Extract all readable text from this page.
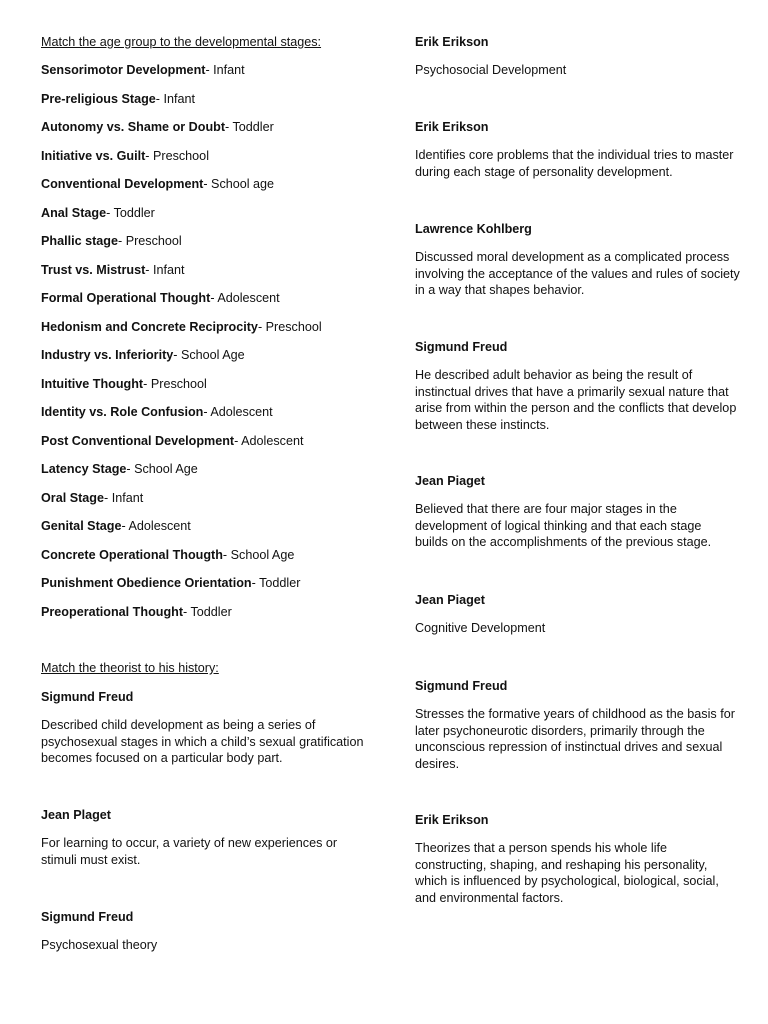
Match the age group to the developmental stages:
Sensorimotor Development- Infant
Pre-religious Stage- Infant
Autonomy vs. Shame or Doubt- Toddler
Initiative vs. Guilt- Preschool
Conventional Development- School age
Anal Stage- Toddler
Phallic stage- Preschool
Trust vs. Mistrust- Infant
Formal Operational Thought- Adolescent
Hedonism and Concrete Reciprocity- Preschool
Industry vs. Inferiority- School Age
Intuitive Thought- Preschool
Identity vs. Role Confusion- Adolescent
Post Conventional Development- Adolescent
Latency Stage- School Age
Oral Stage- Infant
Genital Stage- Adolescent
Concrete Operational Thougth- School Age
Punishment Obedience Orientation- Toddler
Preoperational Thought- Toddler
Match the theorist to his history:
Sigmund Freud
Described child development as being a series of psychosexual stages in which a child’s sexual gratification becomes focused on a particular body part.
Jean Plaget
For learning to occur, a variety of new experiences or stimuli must exist.
Sigmund Freud
Psychosexual theory
Erik Erikson
Psychosocial Development
Erik Erikson
Identifies core problems that the individual tries to master during each stage of personality development.
Lawrence Kohlberg
Discussed moral development as a complicated process involving the acceptance of the values and rules of society in a way that shapes behavior.
Sigmund Freud
He described adult behavior as being the result of instinctual drives that have a primarily sexual nature that arise from within the person and the conflicts that develop between these instincts.
Jean Piaget
Believed that there are four major stages in the development of logical thinking and that each stage builds on the accomplishments of the previous stage.
Jean Piaget
Cognitive Development
Sigmund Freud
Stresses the formative years of childhood as the basis for later psychoneurotic disorders, primarily through the unconscious repression of instinctual drives and sexual desires.
Erik Erikson
Theorizes that a person spends his whole life constructing, shaping, and reshaping his personality, which is influenced by psychological, biological, social, and environmental factors.
